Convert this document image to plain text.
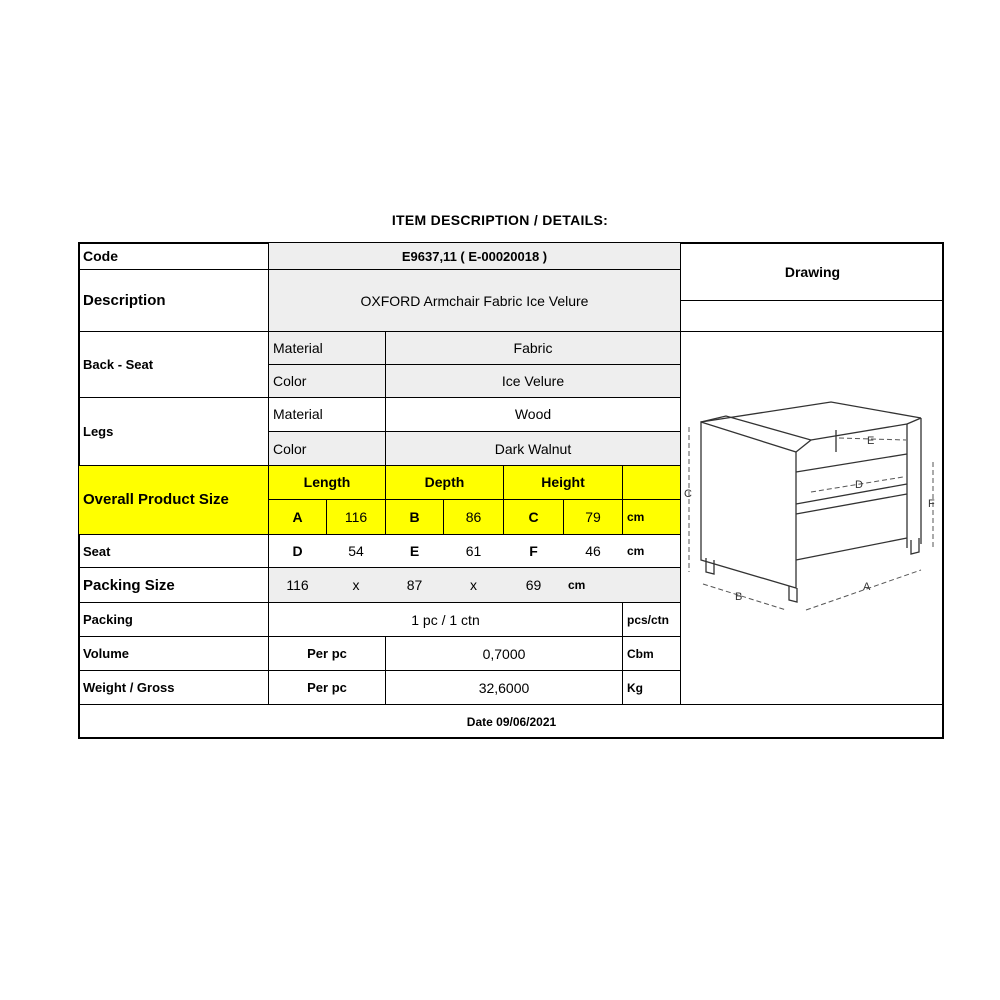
ITEM DESCRIPTION / DETAILS:
Code	E9637,11 ( E-00020018 )
Drawing
Description	OXFORD Armchair Fabric Ice Velure
Back - Seat
Material	Fabric
Color	Ice Velure
Legs
Material	Wood
Color	Dark Walnut
Overall Product Size
Length	Depth	Height
A	116	B	86	C	79	cm
Seat	D	54	E	61	F	46	cm
Packing Size	116	x	87	x	69	cm
Packing	1 pc / 1 ctn	pcs/ctn
Volume	Per pc	0,7000	Cbm
Weight / Gross	Per pc	32,6000	Kg
Date 09/06/2021
C
F
B
A
D
E
